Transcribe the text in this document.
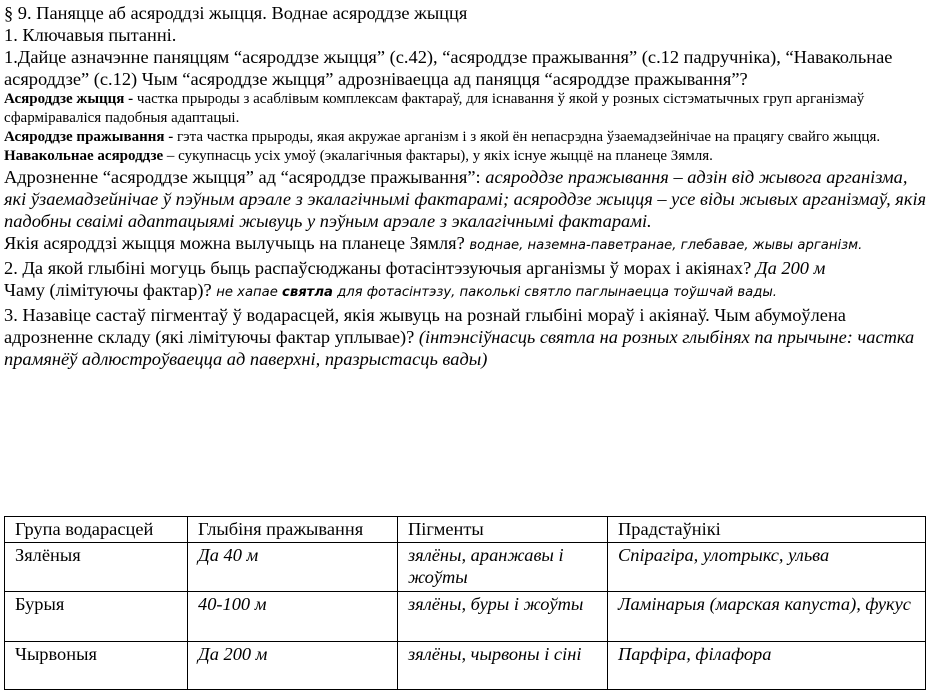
§ 9. Паняцце аб асяроддзі жыцця. Воднае асяроддзе жыцця

1. Ключавыя пытанні.

1.Дайце азначэнне паняццям “асяроддзе жыцця” (с.42), “асяроддзе пражывання” (с.12 падручніка), “Навакольнае асяроддзе” (с.12) Чым “асяроддзе жыцця” адрозніваецца ад паняцця “асяроддзе пражывання”?

Асяроддзе жыцця - частка прыроды з асаблівым комплексам фактараў, для існавання ў якой у розных сістэматычных груп арганізмаў сфарміраваліся падобныя адаптацыі.

Асяроддзе пражывання - гэта частка прыроды, якая акружае арганізм і з якой ён непасрэдна ўзаемадзейнічае на працягу свайго жыцця.

Навакольнае асяроддзе – сукупнасць усіх умоў (экалагічныя фактары), у якіх існуе жыццё на планеце Зямля.

Адрозненне “асяроддзе жыцця” ад “асяроддзе пражывання”: асяроддзе пражывання – адзін від жывога арганізма, які ўзаемадзейнічае ў пэўным арэале з экалагічнымі фактарамі; асяроддзе жыцця – усе віды жывых арганізмаў, якія падобны сваімі адаптацыямі жывуць у пэўным арэале з экалагічнымі фактарамі.

Якія асяроддзі жыцця можна вылучыць на планеце Зямля? воднае, наземна-паветранае, глебавае, жывы арганізм.

2. Да якой глыбіні могуць быць распаўсюджаны фотасінтэзуючыя арганізмы ў морах і акіянах? Да 200 м

Чаму (лімітуючы фактар)? не хапае святла для фотасінтэзу, паколькі святло паглынаецца тоўшчай вады.

3. Назавіце састаў пігментаў ў водарасцей, якія жывуць на рознай глыбіні мораў і акіянаў. Чым абумоўлена адрозненне складу (які лімітуючы фактар уплывае)? (інтэнсіўнасць святла на розных глыбінях па прычыне: частка прамянёў адлюстроўваецца ад паверхні, празрыстасць вады)

Група водарасцей	Глыбіня пражывання	Пігменты	Прадстаўнікі
Зялёныя	Да 40 м	зялёны, аранжавы і жоўты	Спірагіра, улотрыкс, ульва
Бурыя	40-100 м	зялёны, буры і жоўты	Ламінарыя (марская капуста), фукус
Чырвоныя	Да 200 м	зялёны, чырвоны і сіні	Парфіра, філафора
